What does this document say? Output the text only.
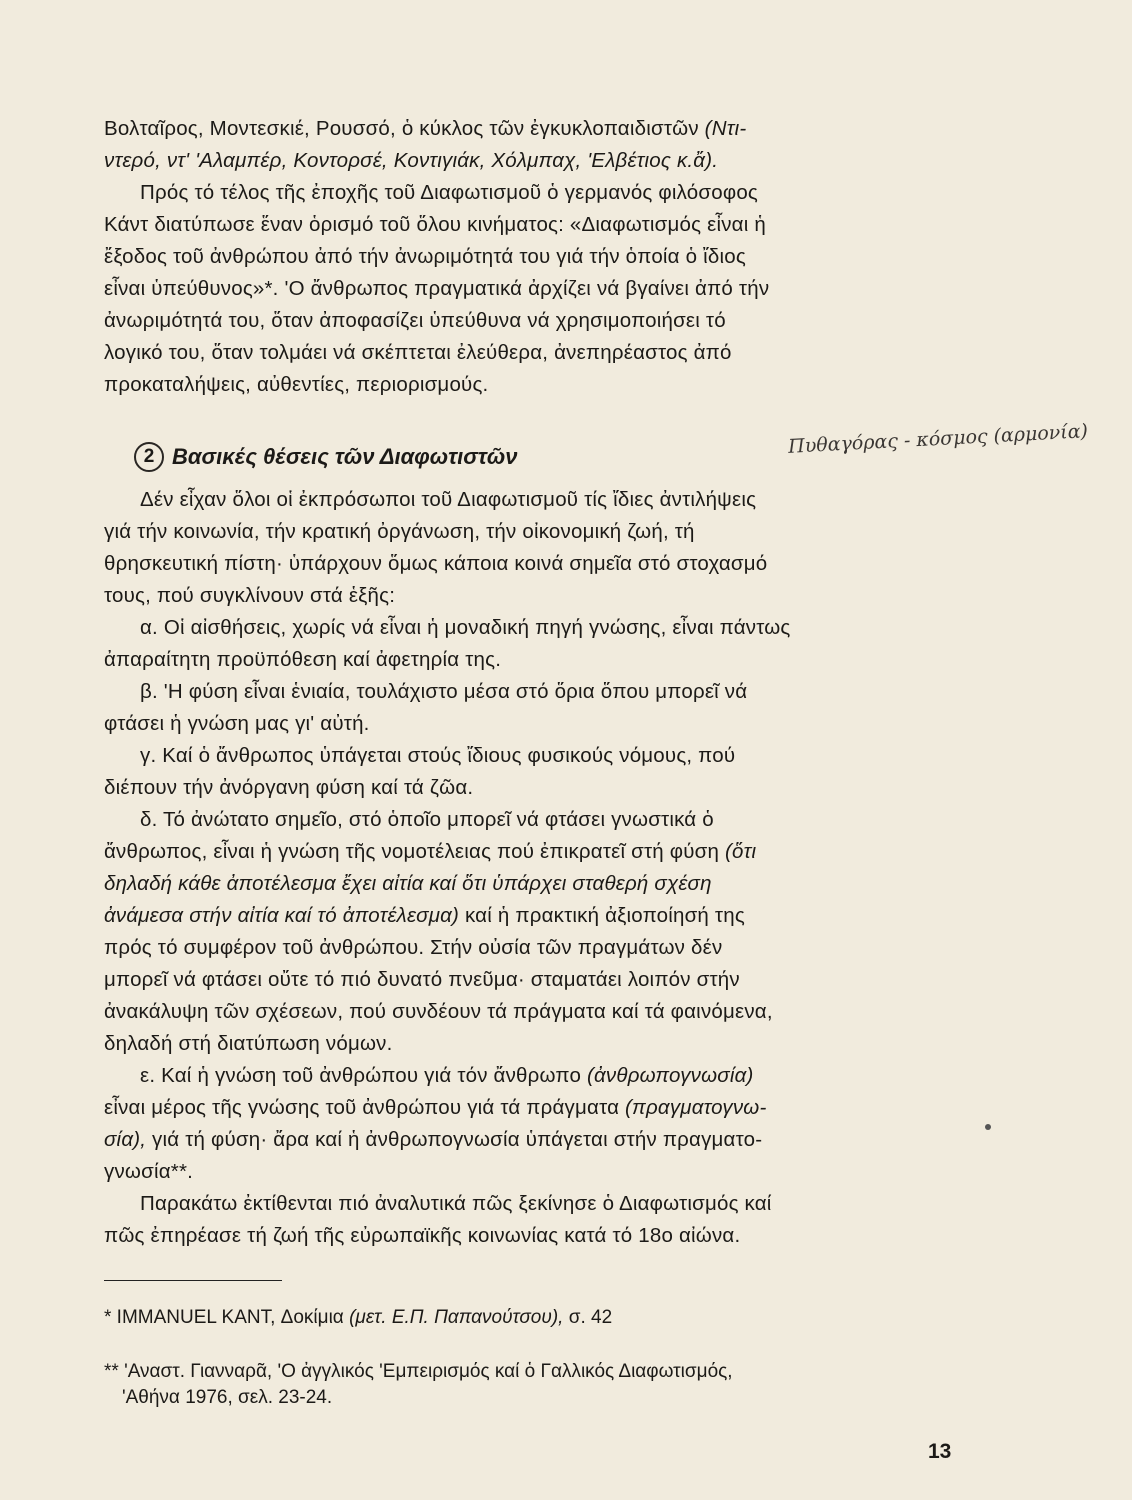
Βολταῖρος, Μοντεσκιέ, Ρουσσό, ὁ κύκλος τῶν ἐγκυκλοπαιδιστῶν (Ντι-
ντερό, ντ' 'Αλαμπέρ, Κοντορσέ, Κοντιγιάκ, Χόλμπαχ, 'Ελβέτιος κ.ἄ).
Πρός τό τέλος τῆς ἐποχῆς τοῦ Διαφωτισμοῦ ὁ γερμανός φιλόσοφος
Κάντ διατύπωσε ἕναν ὁρισμό τοῦ ὅλου κινήματος: «Διαφωτισμός εἶναι ἡ
ἔξοδος τοῦ ἀνθρώπου ἀπό τήν ἀνωριμότητά του γιά τήν ὁποία ὁ ἴδιος
εἶναι ὑπεύθυνος»*. 'Ο ἄνθρωπος πραγματικά ἀρχίζει νά βγαίνει ἀπό τήν
ἀνωριμότητά του, ὅταν ἀποφασίζει ὑπεύθυνα νά χρησιμοποιήσει τό
λογικό του, ὅταν τολμάει νά σκέπτεται ἐλεύθερα, ἀνεπηρέαστος ἀπό
προκαταλήψεις, αὐθεντίες, περιορισμούς.
Πυθαγόρας - κόσμος (αρμονία)
2 Βασικές θέσεις τῶν Διαφωτιστῶν
Δέν εἶχαν ὅλοι οἱ ἐκπρόσωποι τοῦ Διαφωτισμοῦ τίς ἴδιες ἀντιλήψεις
γιά τήν κοινωνία, τήν κρατική ὀργάνωση, τήν οἰκονομική ζωή, τή
θρησκευτική πίστη· ὑπάρχουν ὅμως κάποια κοινά σημεῖα στό στοχασμό
τους, πού συγκλίνουν στά ἑξῆς:
α. Οἱ αἰσθήσεις, χωρίς νά εἶναι ἡ μοναδική πηγή γνώσης, εἶναι πάντως
ἀπαραίτητη προϋπόθεση καί ἀφετηρία της.
β. 'Η φύση εἶναι ἑνιαία, τουλάχιστο μέσα στό ὅρια ὅπου μπορεῖ νά
φτάσει ἡ γνώση μας γι' αὐτή.
γ. Καί ὁ ἄνθρωπος ὑπάγεται στούς ἴδιους φυσικούς νόμους, πού
διέπουν τήν ἀνόργανη φύση καί τά ζῶα.
δ. Τό ἀνώτατο σημεῖο, στό ὁποῖο μπορεῖ νά φτάσει γνωστικά ὁ
ἄνθρωπος, εἶναι ἡ γνώση τῆς νομοτέλειας πού ἐπικρατεῖ στή φύση (ὅτι
δηλαδή κάθε ἀποτέλεσμα ἔχει αἰτία καί ὅτι ὑπάρχει σταθερή σχέση
ἀνάμεσα στήν αἰτία καί τό ἀποτέλεσμα) καί ἡ πρακτική ἀξιοποίησή της
πρός τό συμφέρον τοῦ ἀνθρώπου. Στήν οὐσία τῶν πραγμάτων δέν
μπορεῖ νά φτάσει οὔτε τό πιό δυνατό πνεῦμα· σταματάει λοιπόν στήν
ἀνακάλυψη τῶν σχέσεων, πού συνδέουν τά πράγματα καί τά φαινόμενα,
δηλαδή στή διατύπωση νόμων.
ε. Καί ἡ γνώση τοῦ ἀνθρώπου γιά τόν ἄνθρωπο (ἀνθρωπογνωσία)
εἶναι μέρος τῆς γνώσης τοῦ ἀνθρώπου γιά τά πράγματα (πραγματογνω-
σία), γιά τή φύση· ἄρα καί ἡ ἀνθρωπογνωσία ὑπάγεται στήν πραγματο-
γνωσία**.
Παρακάτω ἐκτίθενται πιό ἀναλυτικά πῶς ξεκίνησε ὁ Διαφωτισμός καί
πῶς ἐπηρέασε τή ζωή τῆς εὐρωπαϊκῆς κοινωνίας κατά τό 18ο αἰώνα.
* IMMANUEL KANT, Δοκίμια (μετ. Ε.Π. Παπανούτσου), σ. 42
** 'Αναστ. Γιανναρᾶ, 'Ο ἀγγλικός 'Εμπειρισμός καί ὁ Γαλλικός Διαφωτισμός,
'Αθήνα 1976, σελ. 23-24.
13
